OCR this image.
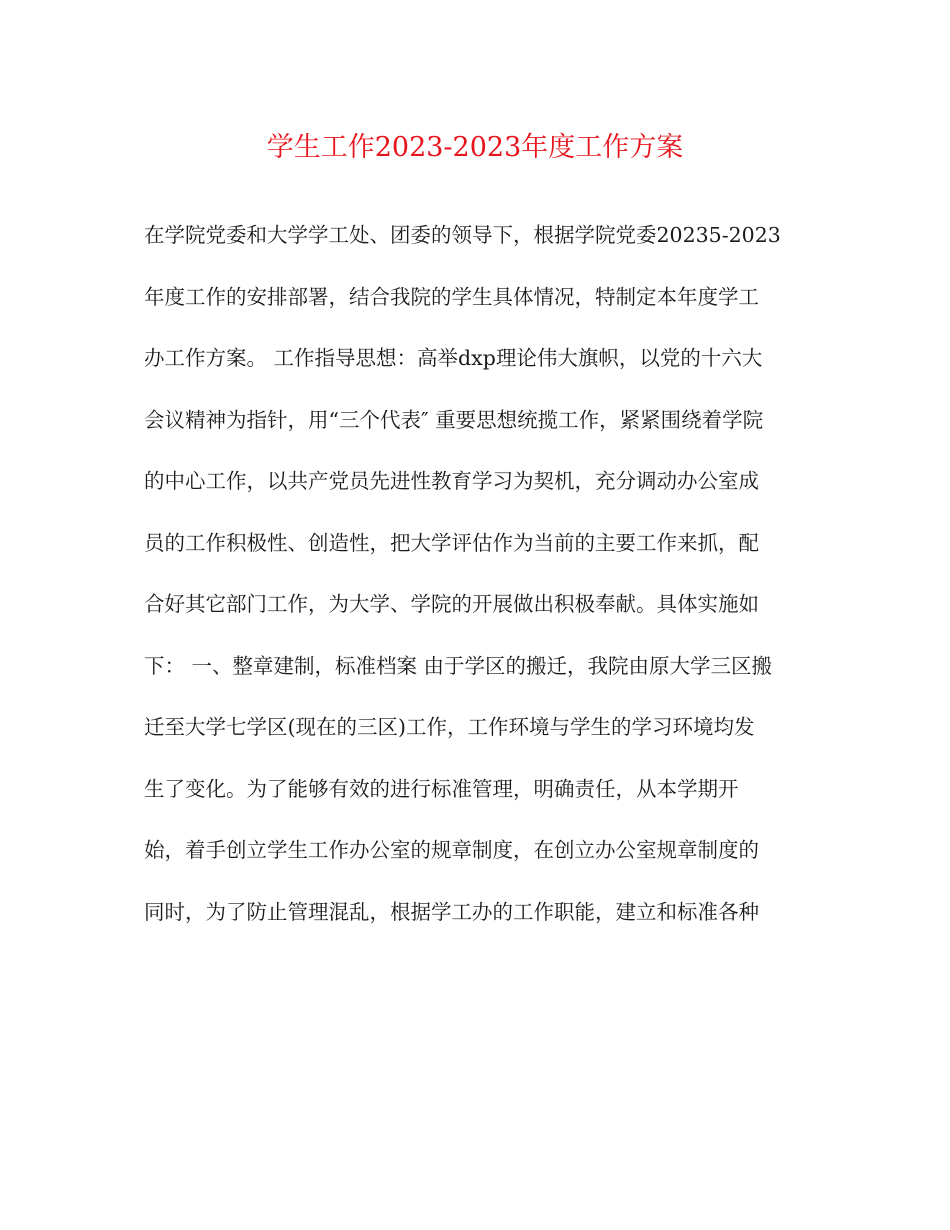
学生工作2023-2023年度工作方案
在学院党委和大学学工处、团委的领导下，根据学院党委20235-2023
年度工作的安排部署，结合我院的学生具体情况，特制定本年度学工
办工作方案。 工作指导思想：高举dxp理论伟大旗帜，以党的十六大
会议精神为指针，用“三个代表″ 重要思想统揽工作，紧紧围绕着学院
的中心工作，以共产党员先进性教育学习为契机，充分调动办公室成
员的工作积极性、创造性，把大学评估作为当前的主要工作来抓，配
合好其它部门工作，为大学、学院的开展做出积极奉献。具体实施如
下： 一、整章建制，标准档案 由于学区的搬迁，我院由原大学三区搬
迁至大学七学区(现在的三区)工作，工作环境与学生的学习环境均发
生了变化。为了能够有效的进行标准管理，明确责任，从本学期开
始，着手创立学生工作办公室的规章制度，在创立办公室规章制度的
同时，为了防止管理混乱，根据学工办的工作职能，建立和标准各种
